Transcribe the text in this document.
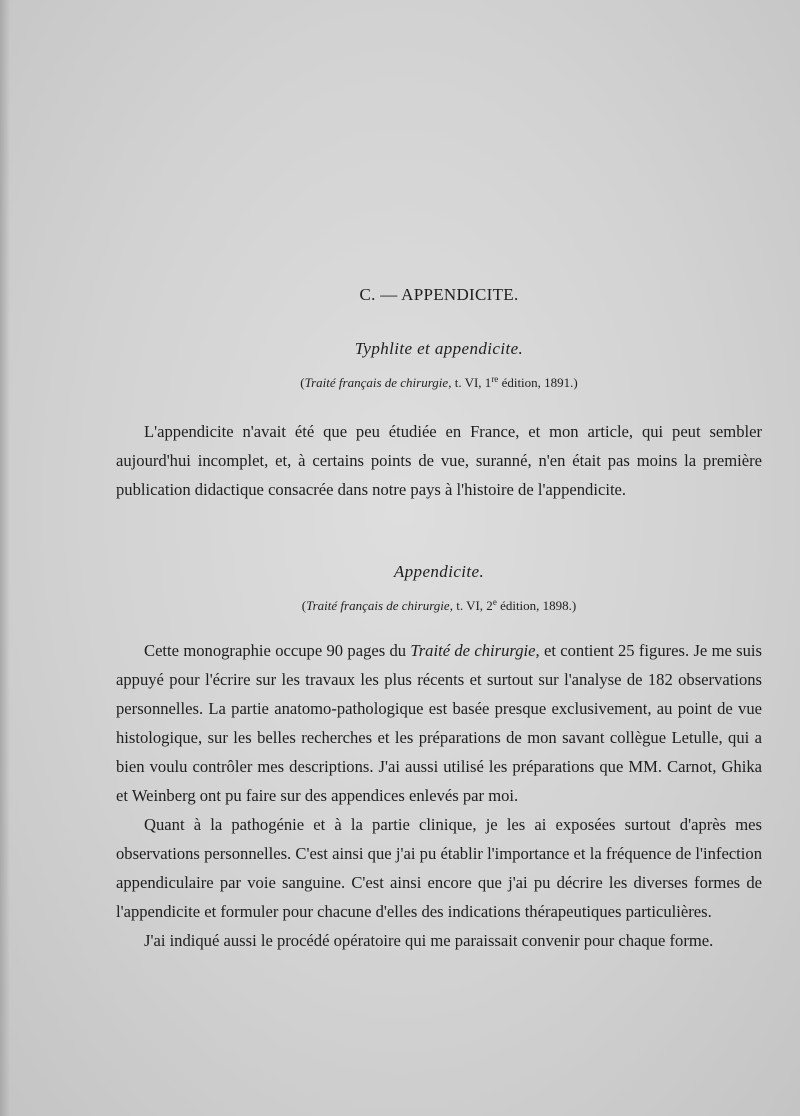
C. — APPENDICITE.
Typhlite et appendicite.
(Traité français de chirurgie, t. VI, 1re édition, 1891.)

L'appendicite n'avait été que peu étudiée en France, et mon article, qui peut sembler aujourd'hui incomplet, et, à certains points de vue, suranné, n'en était pas moins la première publication didactique consacrée dans notre pays à l'histoire de l'appendicite.

Appendicite.
(Traité français de chirurgie, t. VI, 2e édition, 1898.)

Cette monographie occupe 90 pages du Traité de chirurgie, et contient 25 figures. Je me suis appuyé pour l'écrire sur les travaux les plus récents et surtout sur l'analyse de 182 observations personnelles. La partie anatomo-pathologique est basée presque exclusivement, au point de vue histologique, sur les belles recherches et les préparations de mon savant collègue Letulle, qui a bien voulu contrôler mes descriptions. J'ai aussi utilisé les préparations que MM. Carnot, Ghika et Weinberg ont pu faire sur des appendices enlevés par moi.

Quant à la pathogénie et à la partie clinique, je les ai exposées surtout d'après mes observations personnelles. C'est ainsi que j'ai pu établir l'importance et la fréquence de l'infection appendiculaire par voie sanguine. C'est ainsi encore que j'ai pu décrire les diverses formes de l'appendicite et formuler pour chacune d'elles des indications thérapeutiques particulières.

J'ai indiqué aussi le procédé opératoire qui me paraissait convenir pour chaque forme.
